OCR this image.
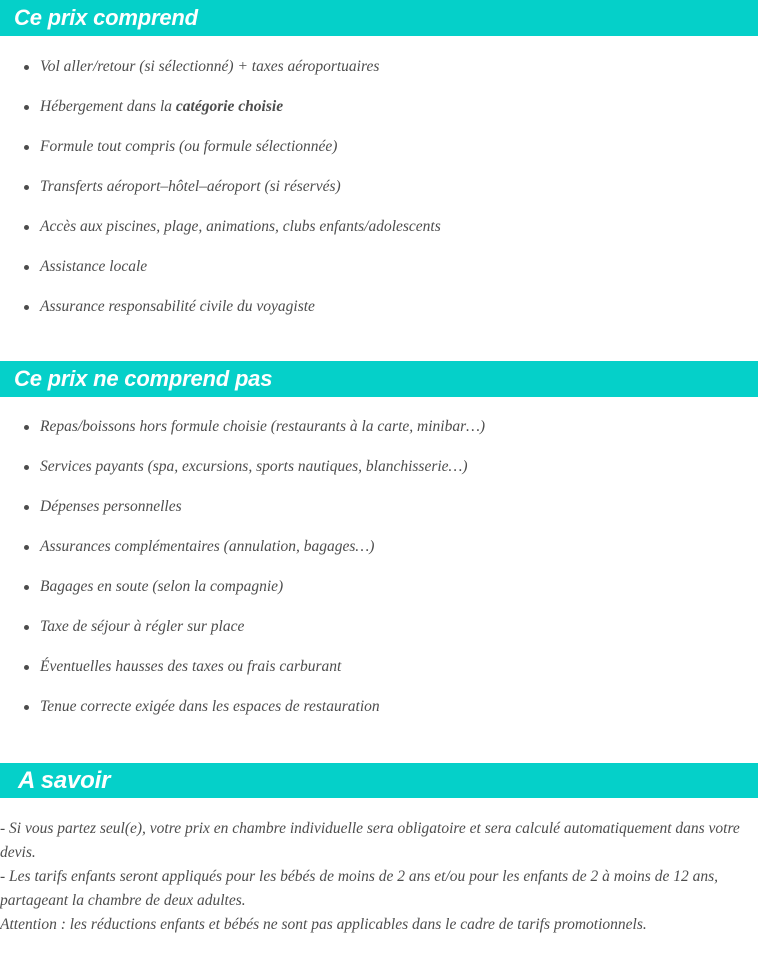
Ce prix comprend
Vol aller/retour (si sélectionné) + taxes aéroportuaires
Hébergement dans la catégorie choisie
Formule tout compris (ou formule sélectionnée)
Transferts aéroport–hôtel–aéroport (si réservés)
Accès aux piscines, plage, animations, clubs enfants/adolescents
Assistance locale
Assurance responsabilité civile du voyagiste
Ce prix ne comprend pas
Repas/boissons hors formule choisie (restaurants à la carte, minibar…)
Services payants (spa, excursions, sports nautiques, blanchisserie…)
Dépenses personnelles
Assurances complémentaires (annulation, bagages…)
Bagages en soute (selon la compagnie)
Taxe de séjour à régler sur place
Éventuelles hausses des taxes ou frais carburant
Tenue correcte exigée dans les espaces de restauration
A savoir

- Si vous partez seul(e), votre prix en chambre individuelle sera obligatoire et sera calculé automatiquement dans votre devis.

- Les tarifs enfants seront appliqués pour les bébés de moins de 2 ans et/ou pour les enfants de 2 à moins de 12 ans, partageant la chambre de deux adultes.

Attention : les réductions enfants et bébés ne sont pas applicables dans le cadre de tarifs promotionnels.
